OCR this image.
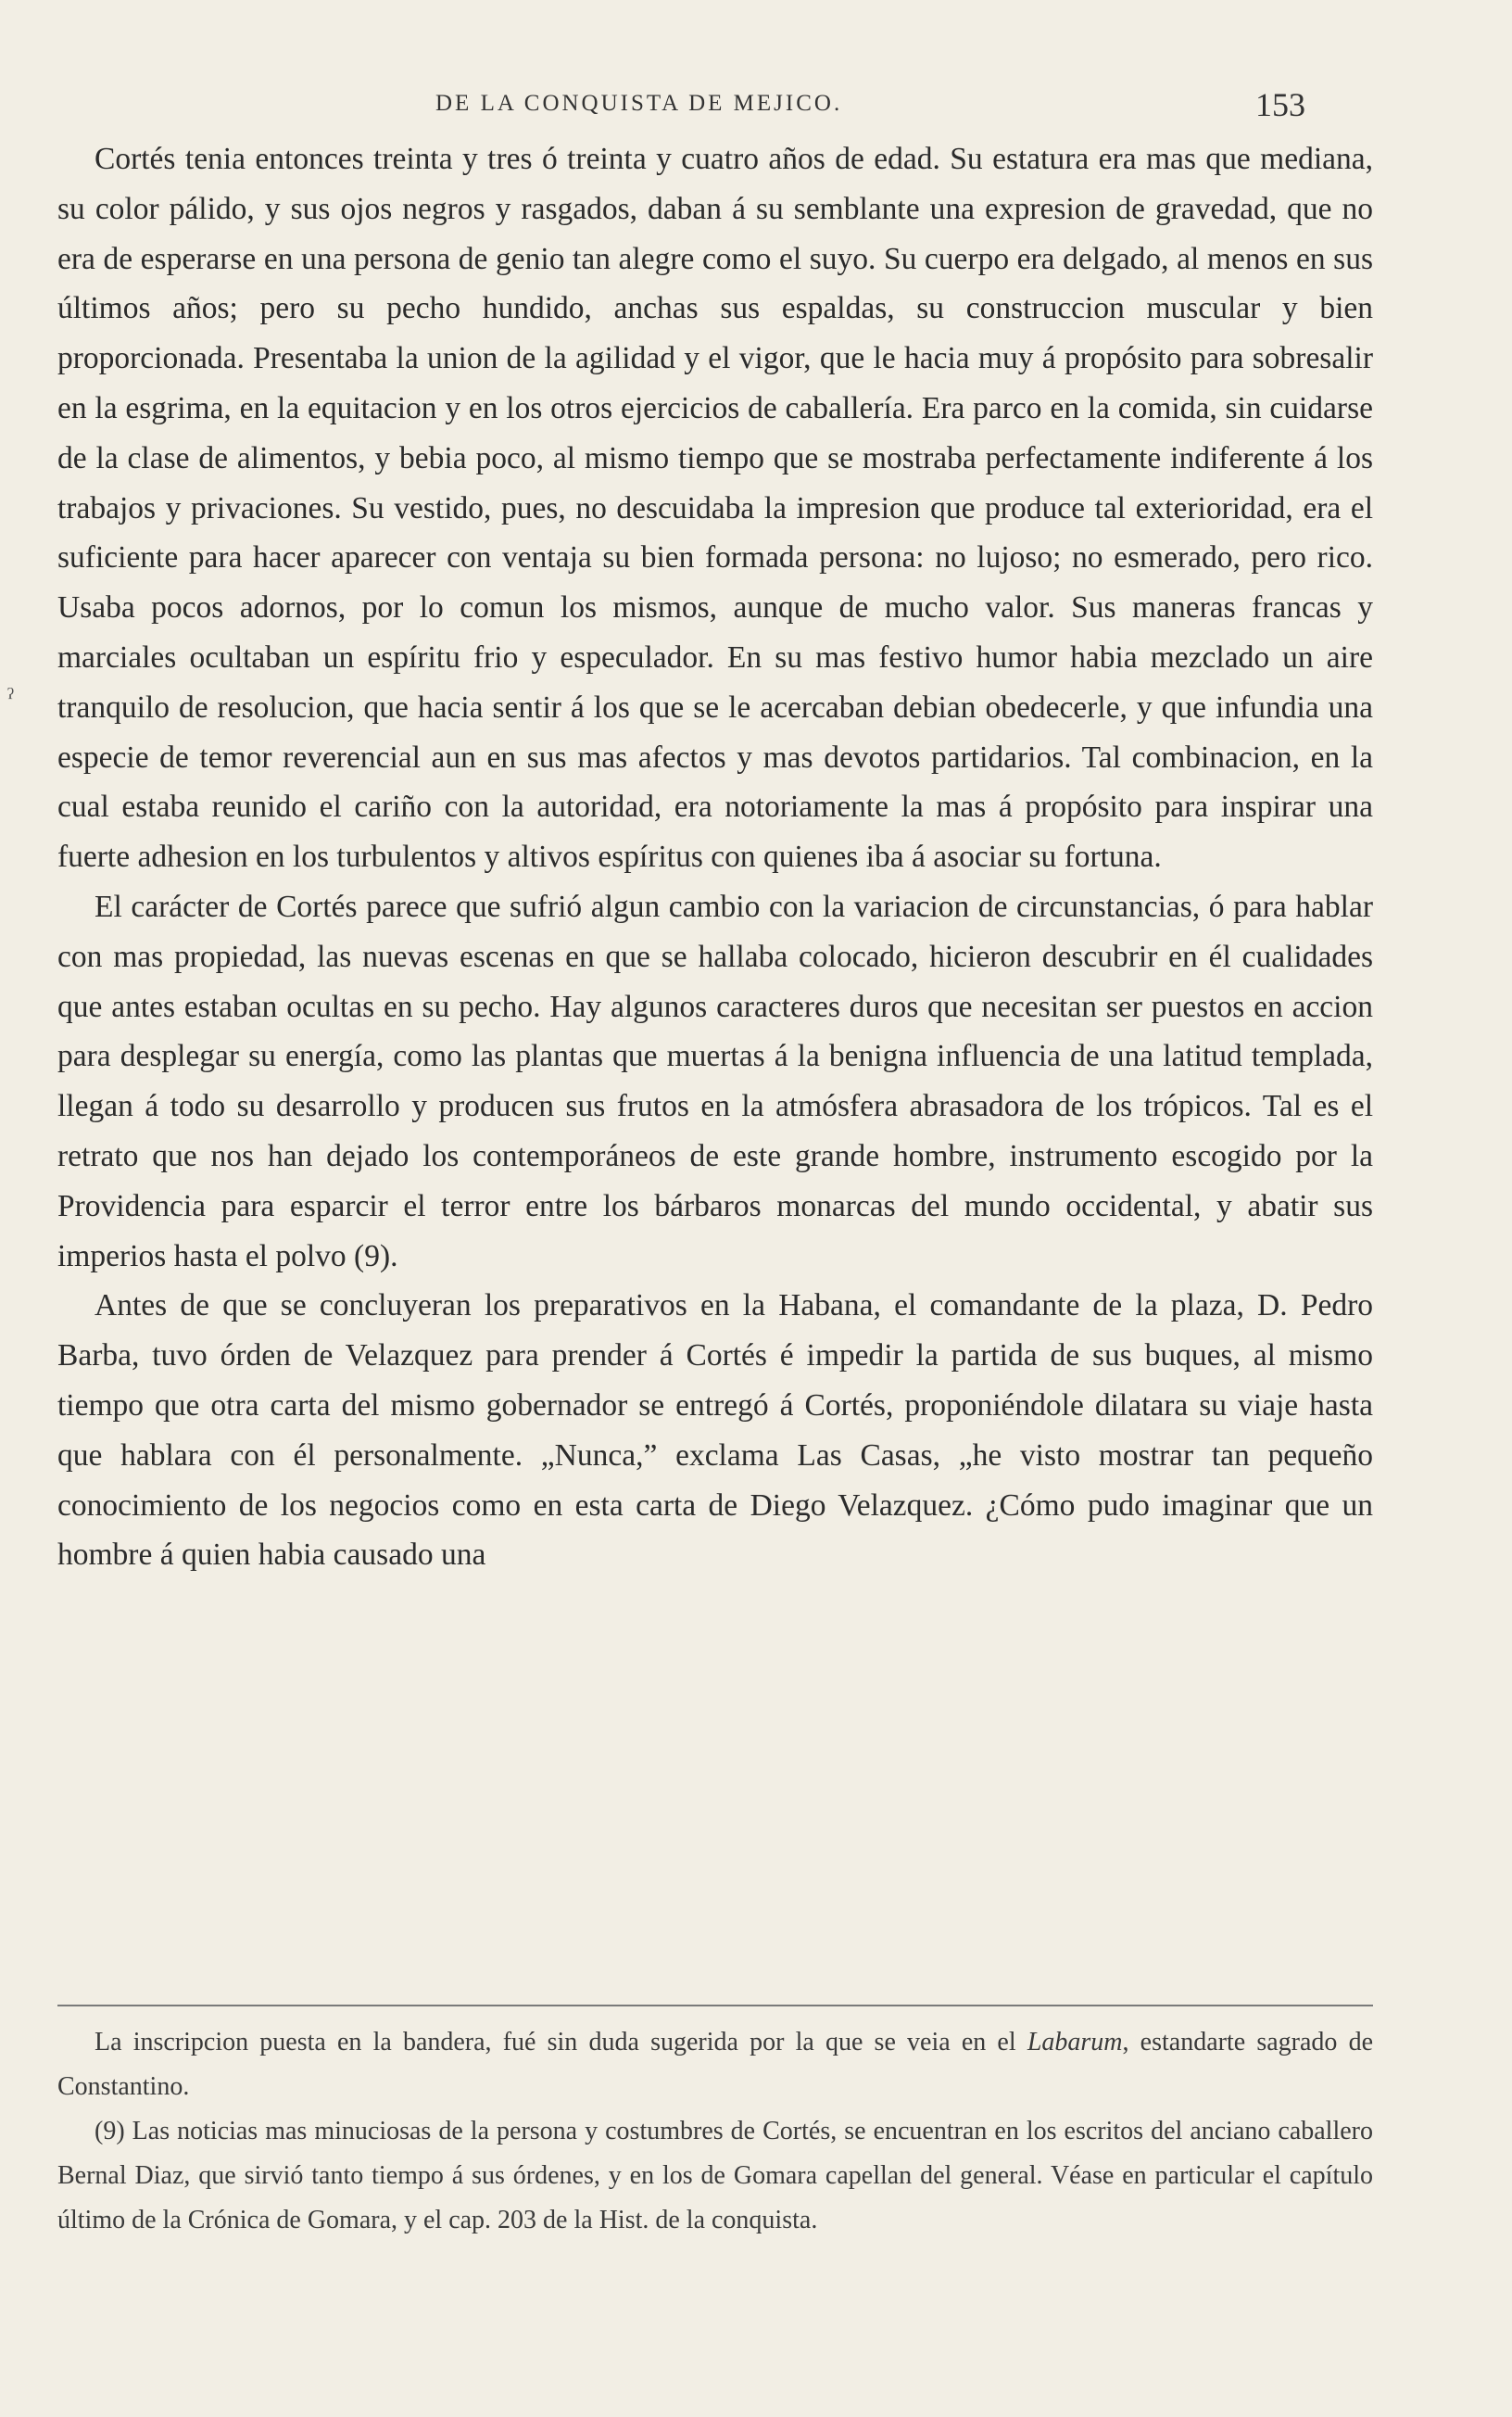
DE LA CONQUISTA DE MEJICO.	153
ˀ

Cortés tenia entonces treinta y tres ó treinta y cuatro años de edad. Su estatura era mas que mediana, su color pálido, y sus ojos negros y rasgados, daban á su semblante una expresion de gravedad, que no era de esperarse en una persona de genio tan alegre como el suyo. Su cuerpo era delgado, al menos en sus últimos años; pero su pecho hundido, anchas sus espaldas, su construccion muscular y bien proporcionada. Presentaba la union de la agilidad y el vigor, que le hacia muy á propósito para sobresalir en la esgrima, en la equitacion y en los otros ejercicios de caballería. Era parco en la comida, sin cuidarse de la clase de alimentos, y bebia poco, al mismo tiempo que se mostraba perfectamente indiferente á los trabajos y privaciones. Su vestido, pues, no descuidaba la impresion que produce tal exterioridad, era el suficiente para hacer aparecer con ventaja su bien formada persona: no lujoso; no esmerado, pero rico. Usaba pocos adornos, por lo comun los mismos, aunque de mucho valor. Sus maneras francas y marciales ocultaban un espíritu frio y especulador. En su mas festivo humor habia mezclado un aire tranquilo de resolucion, que hacia sentir á los que se le acercaban debian obedecerle, y que infundia una especie de temor reverencial aun en sus mas afectos y mas devotos partidarios. Tal combinacion, en la cual estaba reunido el cariño con la autoridad, era notoriamente la mas á propósito para inspirar una fuerte adhesion en los turbulentos y altivos espíritus con quienes iba á asociar su fortuna.

El carácter de Cortés parece que sufrió algun cambio con la variacion de circunstancias, ó para hablar con mas propiedad, las nuevas escenas en que se hallaba colocado, hicieron descubrir en él cualidades que antes estaban ocultas en su pecho. Hay algunos caracteres duros que necesitan ser puestos en accion para desplegar su energía, como las plantas que muertas á la benigna influencia de una latitud templada, llegan á todo su desarrollo y producen sus frutos en la atmósfera abrasadora de los trópicos. Tal es el retrato que nos han dejado los contemporáneos de este grande hombre, instrumento escogido por la Providencia para esparcir el terror entre los bárbaros monarcas del mundo occidental, y abatir sus imperios hasta el polvo (9).

Antes de que se concluyeran los preparativos en la Habana, el comandante de la plaza, D. Pedro Barba, tuvo órden de Velazquez para prender á Cortés é impedir la partida de sus buques, al mismo tiempo que otra carta del mismo gobernador se entregó á Cortés, proponiéndole dilatara su viaje hasta que hablara con él personalmente. „Nunca,” exclama Las Casas, „he visto mostrar tan pequeño conocimiento de los negocios como en esta carta de Diego Velazquez. ¿Cómo pudo imaginar que un hombre á quien habia causado una

La inscripcion puesta en la bandera, fué sin duda sugerida por la que se veia en el Labarum, estandarte sagrado de Constantino.

(9) Las noticias mas minuciosas de la persona y costumbres de Cortés, se encuentran en los escritos del anciano caballero Bernal Diaz, que sirvió tanto tiempo á sus órdenes, y en los de Gomara capellan del general. Véase en particular el capítulo último de la Crónica de Gomara, y el cap. 203 de la Hist. de la conquista.
